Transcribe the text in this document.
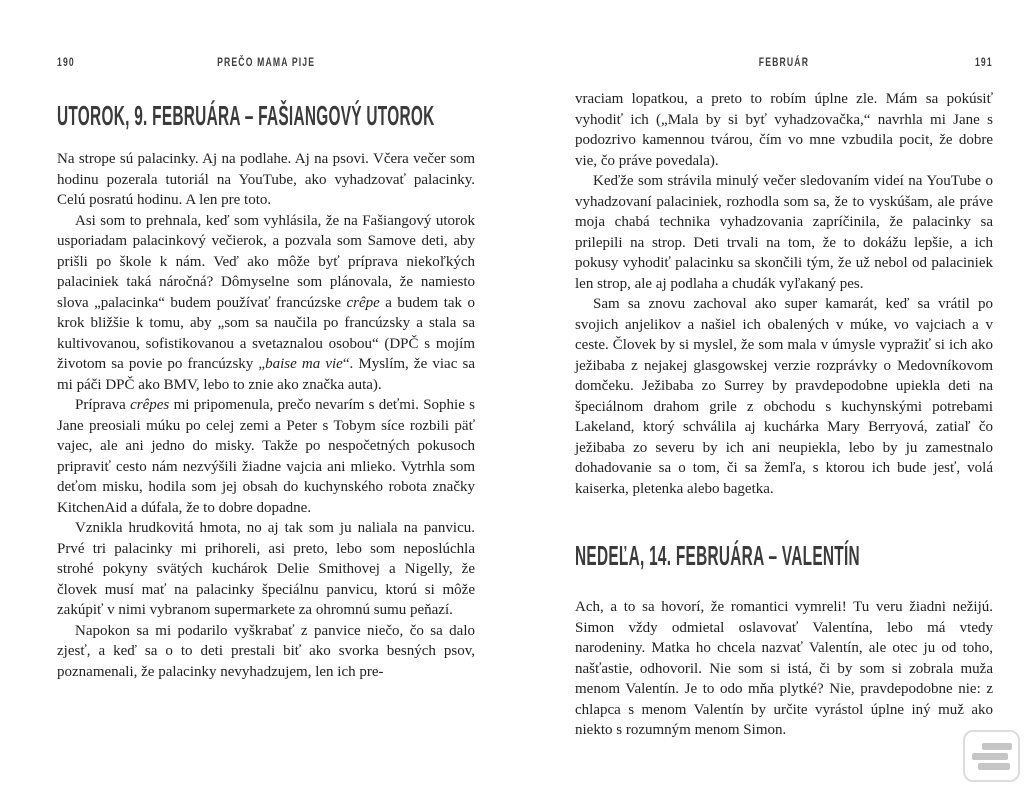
190	PREČO MAMA PIJE
UTOROK, 9. FEBRUÁRA – FAŠIANGOVÝ UTOROK

Na strope sú palacinky. Aj na podlahe. Aj na psovi. Včera večer som hodinu pozerala tutoriál na YouTube, ako vyhadzovať palacinky. Celú posratú hodinu. A len pre toto.

Asi som to prehnala, keď som vyhlásila, že na Fašiangový utorok usporiadam palacinkový večierok, a pozvala som Samove deti, aby prišli po škole k nám. Veď ako môže byť príprava niekoľkých palaciniek taká náročná? Dômyselne som plánovala, že namiesto slova „palacinka“ budem používať francúzske crêpe a budem tak o krok bližšie k tomu, aby „som sa naučila po francúzsky a stala sa kultivovanou, sofistikovanou a svetaznalou osobou“ (DPČ s mojím životom sa povie po francúzsky „baise ma vie“. Myslím, že viac sa mi páči DPČ ako BMV, lebo to znie ako značka auta).

Príprava crêpes mi pripomenula, prečo nevarím s deťmi. Sophie s Jane preosiali múku po celej zemi a Peter s Tobym síce rozbili päť vajec, ale ani jedno do misky. Takže po nespočetných pokusoch pripraviť cesto nám nezvýšili žiadne vajcia ani mlieko. Vytrhla som deťom misku, hodila som jej obsah do kuchynského robota značky KitchenAid a dúfala, že to dobre dopadne.

Vznikla hrudkovitá hmota, no aj tak som ju naliala na panvicu. Prvé tri palacinky mi prihoreli, asi preto, lebo som neposlúchla strohé pokyny svätých kuchárok Delie Smithovej a Nigelly, že človek musí mať na palacinky špeciálnu panvicu, ktorú si môže zakúpiť v nimi vybranom supermarkete za ohromnú sumu peňazí.

Napokon sa mi podarilo vyškrabať z panvice niečo, čo sa dalo zjesť, a keď sa o to deti prestali biť ako svorka besných psov, poznamenali, že palacinky nevyhadzujem, len ich pre-

FEBRUÁR	191

vraciam lopatkou, a preto to robím úplne zle. Mám sa pokúsiť vyhodiť ich („Mala by si byť vyhadzovačka,“ navrhla mi Jane s podozrivo kamennou tvárou, čím vo mne vzbudila pocit, že dobre vie, čo práve povedala).

Keďže som strávila minulý večer sledovaním videí na YouTube o vyhadzovaní palaciniek, rozhodla som sa, že to vyskúšam, ale práve moja chabá technika vyhadzovania zapríčinila, že palacinky sa prilepili na strop. Deti trvali na tom, že to dokážu lepšie, a ich pokusy vyhodiť palacinku sa skončili tým, že už nebol od palaciniek len strop, ale aj podlaha a chudák vyľakaný pes.

Sam sa znovu zachoval ako super kamarát, keď sa vrátil po svojich anjelikov a našiel ich obalených v múke, vo vajciach a v ceste. Človek by si myslel, že som mala v úmysle vypražiť si ich ako ježibaba z nejakej glasgowskej verzie rozprávky o Medovníkovom domčeku. Ježibaba zo Surrey by pravdepodobne upiekla deti na špeciálnom drahom grile z obchodu s kuchynskými potrebami Lakeland, ktorý schválila aj kuchárka Mary Berryová, zatiaľ čo ježibaba zo severu by ich ani neupiekla, lebo by ju zamestnalo dohadovanie sa o tom, či sa žemľa, s ktorou ich bude jesť, volá kaiserka, pletenka alebo bagetka.

NEDEĽA, 14. FEBRUÁRA – VALENTÍN

Ach, a to sa hovorí, že romantici vymreli! Tu veru žiadni nežijú. Simon vždy odmietal oslavovať Valentína, lebo má vtedy narodeniny. Matka ho chcela nazvať Valentín, ale otec ju od toho, našťastie, odhovoril. Nie som si istá, či by som si zobrala muža menom Valentín. Je to odo mňa plytké? Nie, pravdepodobne nie: z chlapca s menom Valentín by určite vyrástol úplne iný muž ako niekto s rozumným menom Simon.
